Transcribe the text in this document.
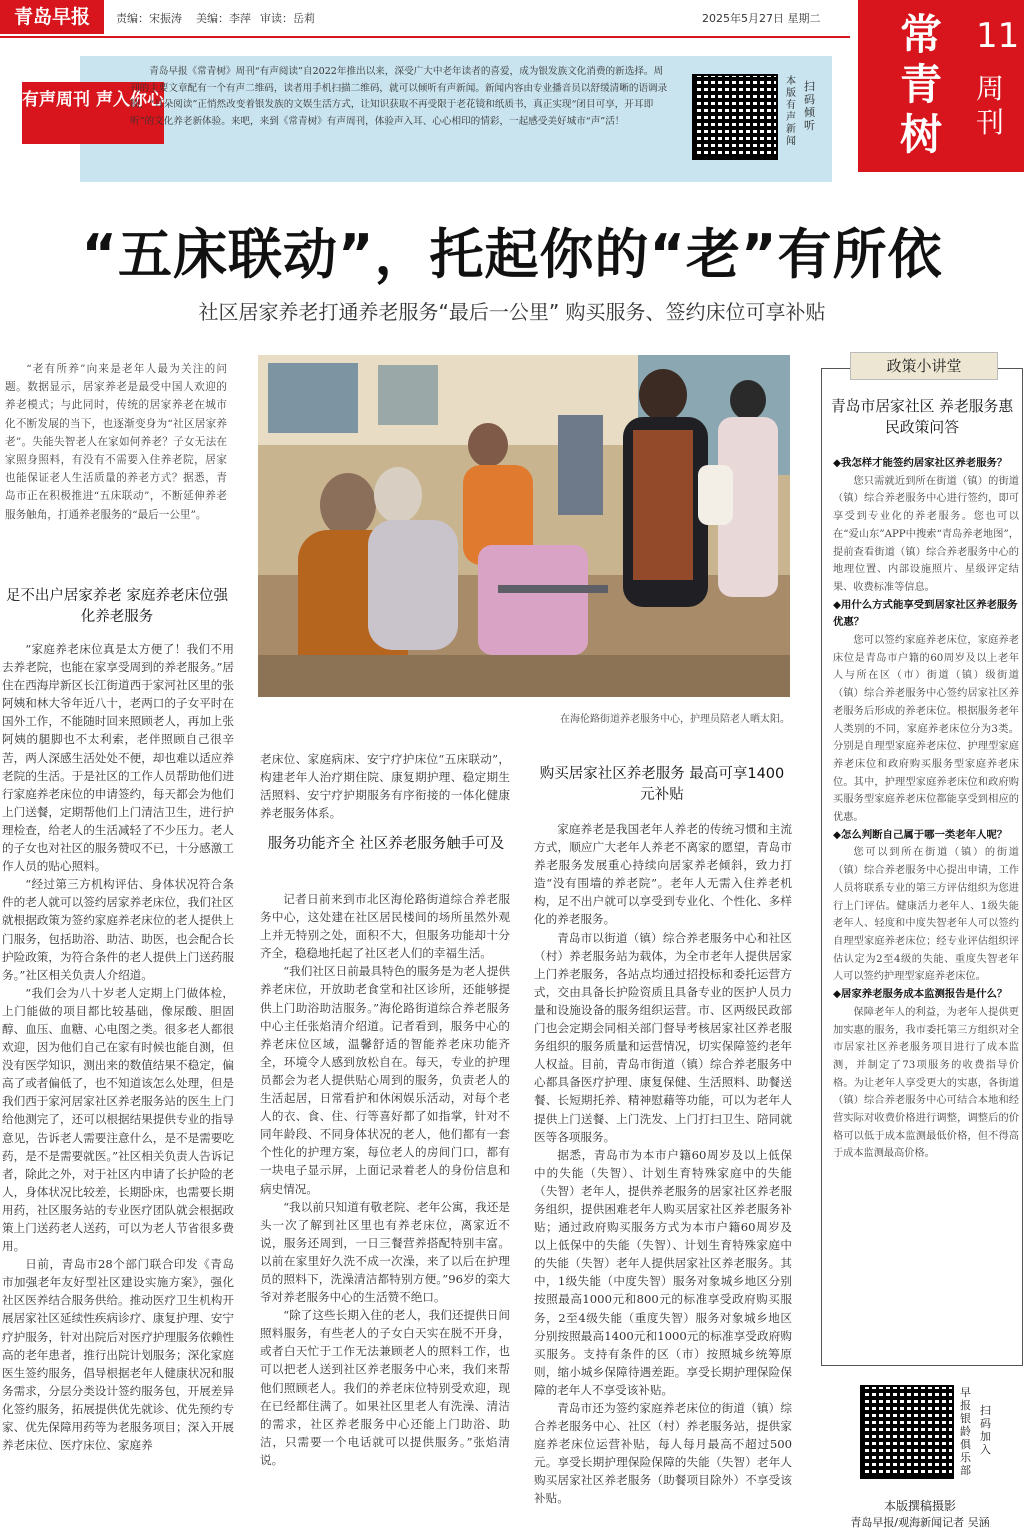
青岛早报	责编：宋振涛 美编：李萍 审读：岳莉	2025年5月27日 星期二 常青树
11
周刊
有声周刊 声入你心
青岛早报《常青树》周刊“有声阅读”自2022年推出以来，深受广大中老年读者的喜爱，成为银发族文化消费的新选择。周刊的主要文章配有一个有声二维码，读者用手机扫描二维码，就可以倾听有声新闻。新闻内容由专业播音员以舒缓清晰的语调录制，“耳朵阅读”正悄然改变着银发族的文娱生活方式，让知识获取不再受限于老花镜和纸质书，真正实现“闭目可享，开耳即听”的文化养老新体验。来吧，来到《常青树》有声周刊，体验声入耳、心心相印的情彩，一起感受美好城市“声”活！
本版有声新闻
扫码倾听
“五床联动”，托起你的“老”有所依
社区居家养老打通养老服务“最后一公里” 购买服务、签约床位可享补贴
“老有所养”向来是老年人最为关注的问题。数据显示，居家养老是最受中国人欢迎的养老模式；与此同时，传统的居家养老在城市化不断发展的当下，也逐渐变身为“社区居家养老”。失能失智老人在家如何养老？子女无法在家照身照料，有没有不需要入住养老院，居家也能保证老人生活质量的养老方式？据悉，青岛市正在积极推进“五床联动”，不断延伸养老服务触角，打通养老服务的“最后一公里”。
足不出户居家养老 家庭养老床位强化养老服务

“家庭养老床位真是太方便了！我们不用去养老院，也能在家享受周到的养老服务。”居住在西海岸新区长江街道西于家河社区里的张阿姨和林大爷年近八十，老两口的子女平时在国外工作，不能随时回来照顾老人，再加上张阿姨的腿脚也不太利索，老伴照顾自己很辛苦，两人深感生活处处不便，却也难以适应养老院的生活。于是社区的工作人员帮助他们进行家庭养老床位的申请签约，每天都会为他们上门送餐，定期帮他们上门清洁卫生，进行护理检查，给老人的生活减轻了不少压力。老人的子女也对社区的服务赞叹不已，十分感激工作人员的贴心照料。

“经过第三方机构评估、身体状况符合条件的老人就可以签约居家养老床位，我们社区就根据政策为签约家庭养老床位的老人提供上门服务，包括助浴、助洁、助医，也会配合长护险政策，为符合条件的老人提供上门送药服务。”社区相关负责人介绍道。

“我们会为八十岁老人定期上门做体检，上门能做的项目都比较基础，像尿酸、胆固醇、血压、血糖、心电图之类。很多老人都很欢迎，因为他们自己在家有时候也能自测，但没有医学知识，测出来的数值结果不稳定，偏高了或者偏低了，也不知道该怎么处理，但是我们西于家河居家社区养老服务站的医生上门给他测完了，还可以根据结果提供专业的指导意见，告诉老人需要注意什么，是不是需要吃药，是不是需要就医。”社区相关负责人告诉记者，除此之外，对于社区内申请了长护险的老人，身体状况比较差，长期卧床，也需要长期用药，社区服务站的专业医疗团队就会根据政策上门送药老人送药，可以为老人节省很多费用。

日前，青岛市28个部门联合印发《青岛市加强老年友好型社区建设实施方案》，强化社区医养结合服务供给。推动医疗卫生机构开展居家社区延续性疾病诊疗、康复护理、安宁疗护服务，针对出院后对医疗护理服务依赖性高的老年患者，推行出院计划服务；深化家庭医生签约服务，倡导根据老年人健康状况和服务需求，分层分类设计签约服务包，开展差异化签约服务，拓展提供优先就诊、优先预约专家、优先保障用药等为老服务项目；深入开展养老床位、医疗床位、家庭养

在海伦路街道养老服务中心，护理员陪老人晒太阳。
老床位、家庭病床、安宁疗护床位“五床联动”，构建老年人治疗期住院、康复期护理、稳定期生活照料、安宁疗护期服务有序衔接的一体化健康养老服务体系。
服务功能齐全 社区养老服务触手可及

记者日前来到市北区海伦路街道综合养老服务中心，这处建在社区居民楼间的场所虽然外观上并无特别之处，面积不大，但服务功能却十分齐全，稳稳地托起了社区老人们的幸福生活。

“我们社区日前最具特色的服务是为老人提供养老床位，开放助老食堂和社区诊所，还能够提供上门助浴助洁服务。”海伦路街道综合养老服务中心主任张焰清介绍道。记者看到，服务中心的养老床位区域，温馨舒适的智能养老床功能齐全，环境令人感到放松自在。每天，专业的护理员都会为老人提供贴心周到的服务，负责老人的生活起居，日常看护和休闲娱乐活动，对每个老人的衣、食、住、行等喜好都了如指掌，针对不同年龄段、不同身体状况的老人，他们都有一套个性化的护理方案，每位老人的房间门口，都有一块电子显示屏，上面记录着老人的身份信息和病史情况。

“我以前只知道有敬老院、老年公寓，我还是头一次了解到社区里也有养老床位，离家近不说，服务还周到，一日三餐营养搭配特别丰富。以前在家里好久洗不成一次澡，来了以后在护理员的照料下，洗澡清洁都特别方便。”96岁的栾大爷对养老服务中心的生活赞不绝口。

“除了这些长期入住的老人，我们还提供日间照料服务，有些老人的子女白天实在脱不开身，或者白天忙于工作无法兼顾老人的照料工作，也可以把老人送到社区养老服务中心来，我们来帮他们照顾老人。我们的养老床位特别受欢迎，现在已经都住满了。如果社区里老人有洗澡、清洁的需求，社区养老服务中心还能上门助浴、助洁，只需要一个电话就可以提供服务。”张焰清说。

购买居家社区养老服务 最高可享1400元补贴

家庭养老是我国老年人养老的传统习惯和主流方式，顺应广大老年人养老不离家的愿望，青岛市养老服务发展重心持续向居家养老倾斜，致力打造“没有围墙的养老院”。老年人无需入住养老机构，足不出户就可以享受到专业化、个性化、多样化的养老服务。

青岛市以街道（镇）综合养老服务中心和社区（村）养老服务站为载体，为全市老年人提供居家上门养老服务，各站点均通过招投标和委托运营方式，交由具备长护险资质且具备专业的医护人员力量和设施设备的服务组织运营。市、区两级民政部门也会定期会同相关部门督导考核居家社区养老服务组织的服务质量和运营情况，切实保障签约老年人权益。目前，青岛市街道（镇）综合养老服务中心都具备医疗护理、康复保健、生活照料、助餐送餐、长短期托养、精神慰藉等功能，可以为老年人提供上门送餐、上门洗发、上门打扫卫生、陪同就医等各项服务。

据悉，青岛市为本市户籍60周岁及以上低保中的失能（失智）、计划生育特殊家庭中的失能（失智）老年人，提供养老服务的居家社区养老服务组织，提供困难老年人购买居家社区养老服务补贴；通过政府购买服务方式为本市户籍60周岁及以上低保中的失能（失智）、计划生育特殊家庭中的失能（失智）老年人提供居家社区养老服务。其中，1级失能（中度失智）服务对象城乡地区分别按照最高1000元和800元的标准享受政府购买服务，2至4级失能（重度失智）服务对象城乡地区分别按照最高1400元和1000元的标准享受政府购买服务。支持有条件的区（市）按照城乡统筹原则，缩小城乡保障待遇差距。享受长期护理保险保障的老年人不享受该补贴。

青岛市还为签约家庭养老床位的街道（镇）综合养老服务中心、社区（村）养老服务站，提供家庭养老床位运营补贴，每人每月最高不超过500元。享受长期护理保险保障的失能（失智）老年人购买居家社区养老服务（助餐项目除外）不享受该补贴。

政策小讲堂
青岛市居家社区 养老服务惠民政策问答
◆我怎样才能签约居家社区养老服务？
您只需就近到所在街道（镇）的街道（镇）综合养老服务中心进行签约，即可享受到专业化的养老服务。您也可以在“爱山东”APP中搜索“青岛养老地图”，提前查看街道（镇）综合养老服务中心的地理位置、内部设施照片、星级评定结果、收费标准等信息。
◆用什么方式能享受到居家社区养老服务优惠？
您可以签约家庭养老床位，家庭养老床位是青岛市户籍的60周岁及以上老年人与所在区（市）街道（镇）级街道（镇）综合养老服务中心签约居家社区养老服务后形成的养老床位。根据服务老年人类别的不同，家庭养老床位分为3类。分别是自理型家庭养老床位、护理型家庭养老床位和政府购买服务型家庭养老床位。其中，护理型家庭养老床位和政府购买服务型家庭养老床位都能享受到相应的优惠。
◆怎么判断自己属于哪一类老年人呢？
您可以到所在街道（镇）的街道（镇）综合养老服务中心提出申请，工作人员将联系专业的第三方评估组织为您进行上门评估。健康活力老年人、1级失能老年人、轻度和中度失智老年人可以签约自理型家庭养老床位；经专业评估组织评估认定为2至4级的失能、重度失智老年人可以签约护理型家庭养老床位。
◆居家养老服务成本监测报告是什么？
保障老年人的利益，为老年人提供更加实惠的服务，我市委托第三方组织对全市居家社区养老服务项目进行了成本监测，并制定了73项服务的收费指导价格。为让老年人享受更大的实惠，各街道（镇）综合养老服务中心可结合本地和经营实际对收费价格进行调整，调整后的价格可以低于成本监测最低价格，但不得高于成本监测最高价格。
早报银龄俱乐部
扫码加入
本版撰稿摄影
青岛早报/观海新闻记者 吴涵
